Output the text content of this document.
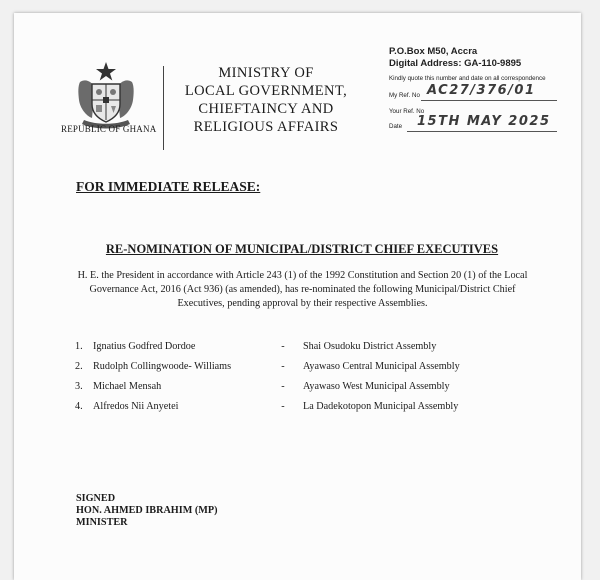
REPUBLIC OF GHANA
MINISTRY OF
LOCAL GOVERNMENT,
CHIEFTAINCY AND
RELIGIOUS AFFAIRS
P.O.Box M50, Accra
Digital Address: GA-110-9895
Kindly quote this number and date on all correspondence
My Ref. No AC27/376/01
Your Ref. No
Date 15TH MAY 2025
FOR IMMEDIATE RELEASE:
RE-NOMINATION OF MUNICIPAL/DISTRICT CHIEF EXECUTIVES
H. E. the President in accordance with Article 243 (1) of the 1992 Constitution and Section 20 (1) of the Local Governance Act, 2016 (Act 936) (as amended), has re-nominated the following Municipal/District Chief Executives, pending approval by their respective Assemblies.
1.	Ignatius Godfred Dordoe	-	Shai Osudoku District Assembly
2.	Rudolph Collingwoode- Williams	-	Ayawaso Central Municipal Assembly
3.	Michael Mensah	-	Ayawaso West Municipal Assembly
4.	Alfredos Nii Anyetei	-	La Dadekotopon Municipal Assembly
SIGNED
HON. AHMED IBRAHIM (MP)
MINISTER
